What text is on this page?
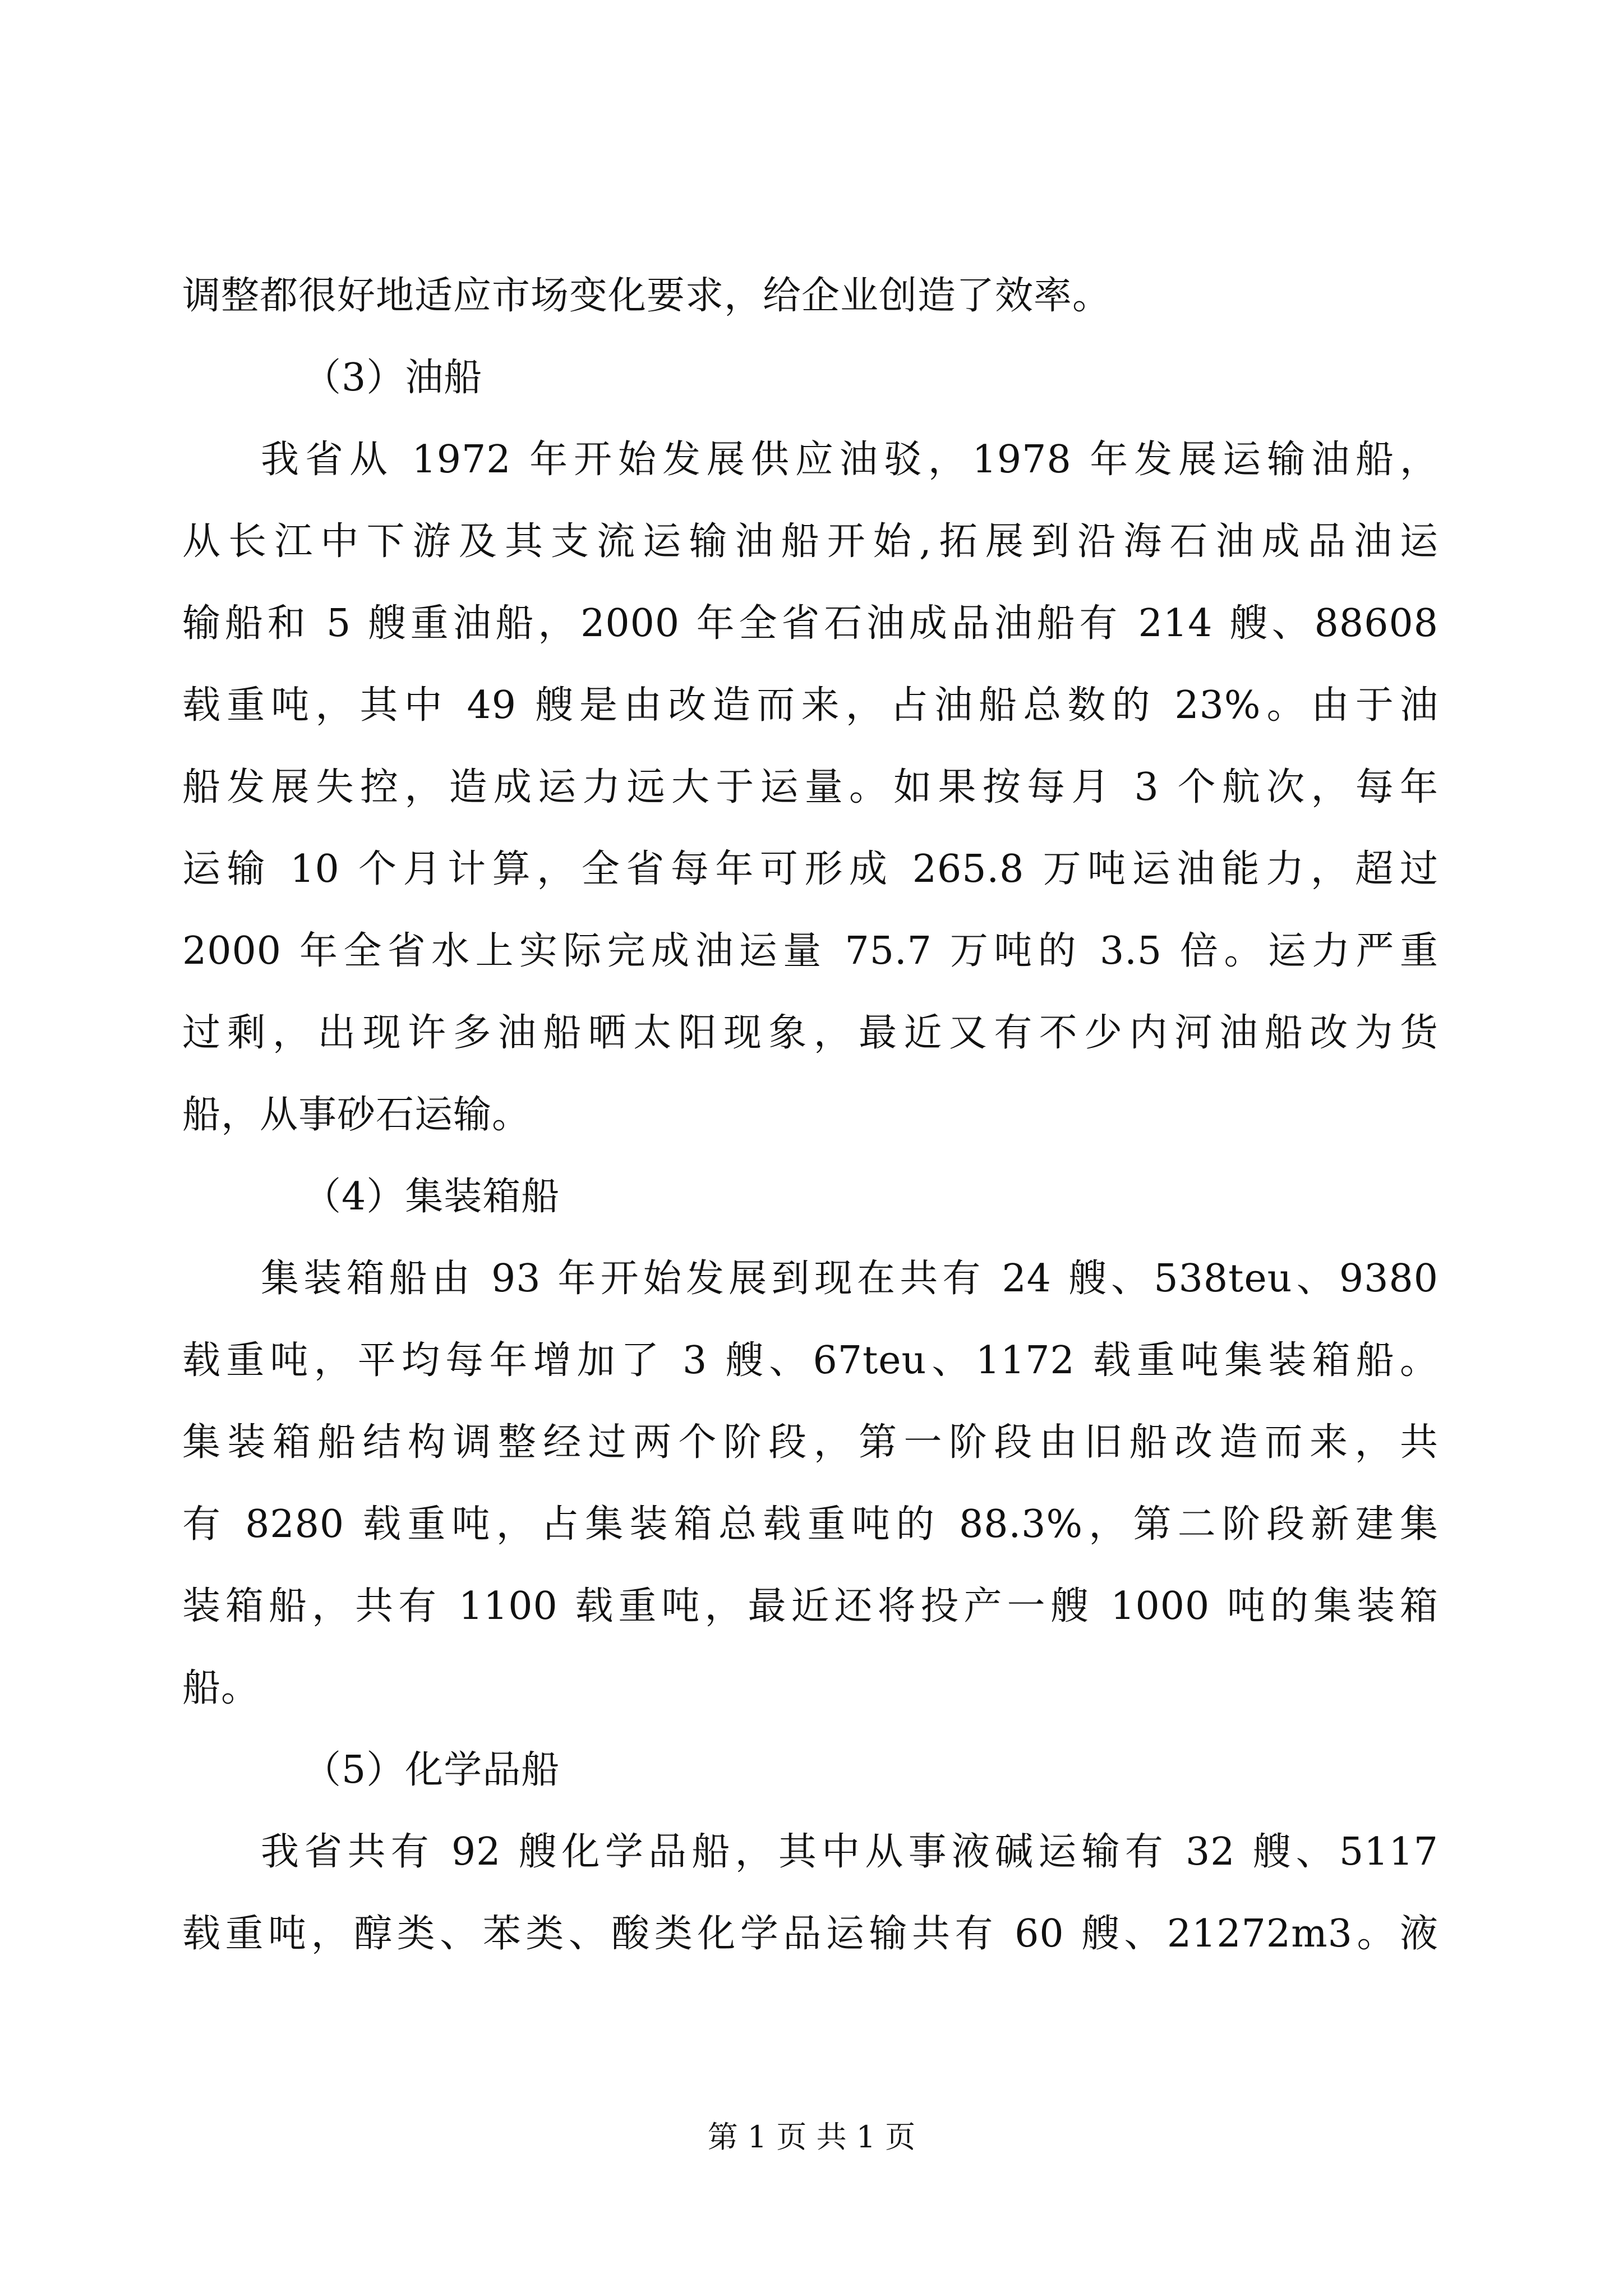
调整都很好地适应市场变化要求，给企业创造了效率。
（3）油船
我省从 1972 年开始发展供应油驳，1978 年发展运输油船，
从长江中下游及其支流运输油船开始,拓展到沿海石油成品油运
输船和 5 艘重油船，2000 年全省石油成品油船有 214 艘、88608
载重吨，其中 49 艘是由改造而来，占油船总数的 23%。由于油
船发展失控，造成运力远大于运量。如果按每月 3 个航次，每年
运输 10 个月计算，全省每年可形成 265.8 万吨运油能力，超过
2000 年全省水上实际完成油运量 75.7 万吨的 3.5 倍。运力严重
过剩，出现许多油船晒太阳现象，最近又有不少内河油船改为货
船，从事砂石运输。
（4）集装箱船
集装箱船由 93 年开始发展到现在共有 24 艘、538teu、9380
载重吨，平均每年增加了 3 艘、67teu、1172 载重吨集装箱船。
集装箱船结构调整经过两个阶段，第一阶段由旧船改造而来，共
有 8280 载重吨，占集装箱总载重吨的 88.3%，第二阶段新建集
装箱船，共有 1100 载重吨，最近还将投产一艘 1000 吨的集装箱
船。
（5）化学品船
我省共有 92 艘化学品船，其中从事液碱运输有 32 艘、5117
载重吨，醇类、苯类、酸类化学品运输共有 60 艘、21272m3。液
第 1 页 共 1 页
